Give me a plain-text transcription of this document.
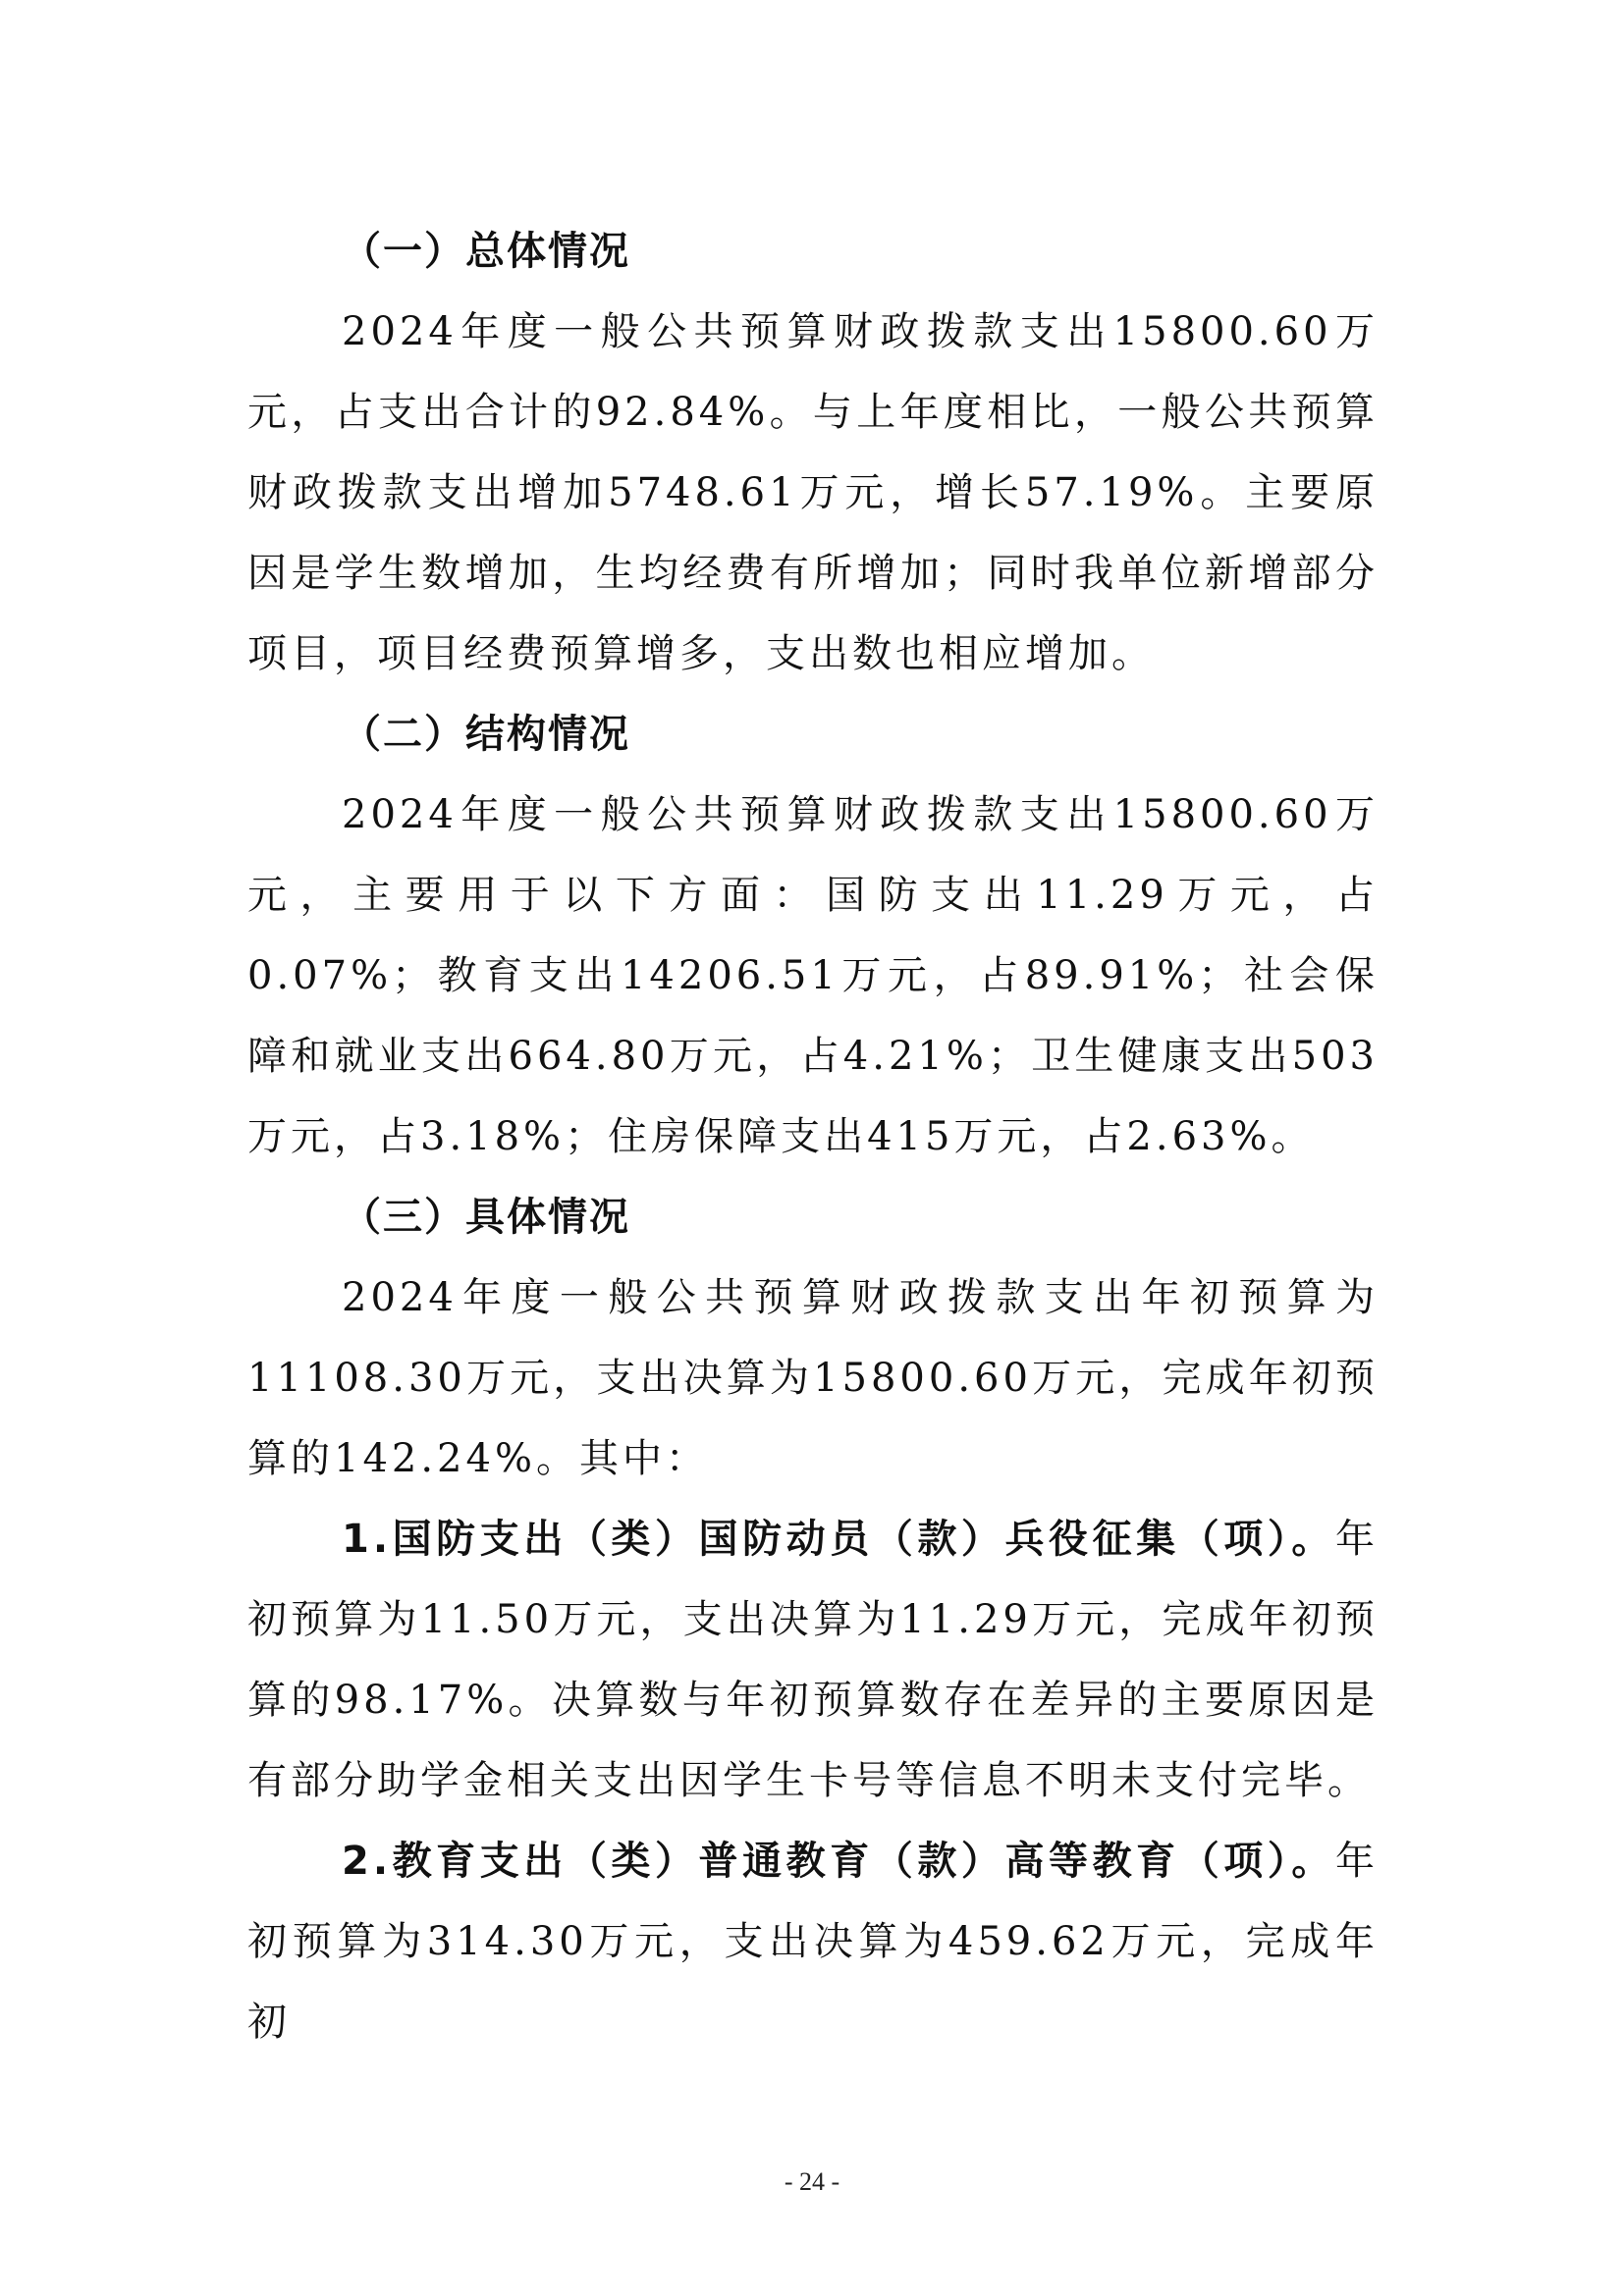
（一）总体情况

2024年度一般公共预算财政拨款支出15800.60万元，占支出合计的92.84%。与上年度相比，一般公共预算财政拨款支出增加5748.61万元，增长57.19%。主要原因是学生数增加，生均经费有所增加；同时我单位新增部分项目，项目经费预算增多，支出数也相应增加。

（二）结构情况

2024年度一般公共预算财政拨款支出15800.60万元，主要用于以下方面：国防支出11.29万元，占0.07%；教育支出14206.51万元，占89.91%；社会保障和就业支出664.80万元，占4.21%；卫生健康支出503万元，占3.18%；住房保障支出415万元，占2.63%。

（三）具体情况

2024年度一般公共预算财政拨款支出年初预算为11108.30万元，支出决算为15800.60万元，完成年初预算的142.24%。其中：

1.国防支出（类）国防动员（款）兵役征集（项）。年初预算为11.50万元，支出决算为11.29万元，完成年初预算的98.17%。决算数与年初预算数存在差异的主要原因是有部分助学金相关支出因学生卡号等信息不明未支付完毕。

2.教育支出（类）普通教育（款）高等教育（项）。年初预算为314.30万元，支出决算为459.62万元，完成年初

- 24 -
